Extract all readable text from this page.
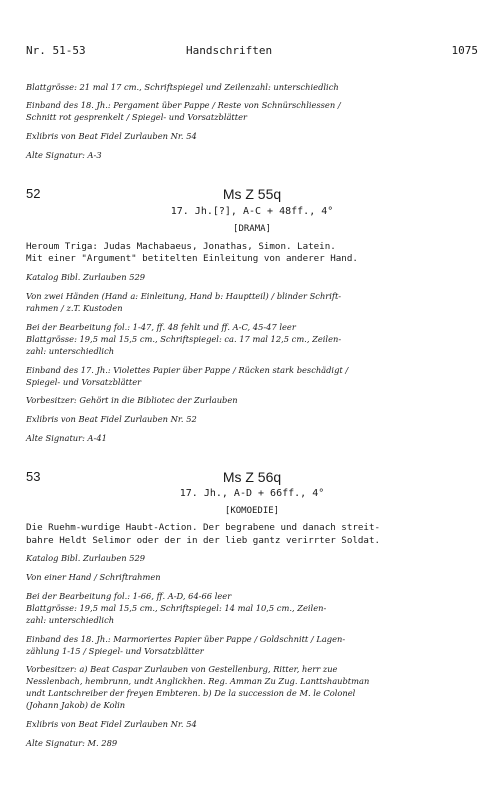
Nr. 51-53	Handschriften	1075
Blattgrösse: 21 mal 17 cm., Schriftspiegel und Zeilenzahl: unterschiedlich
Einband des 18. Jh.: Pergament über Pappe / Reste von Schnürschliessen /
Schnitt rot gesprenkelt / Spiegel- und Vorsatzblätter
Exlibris von Beat Fidel Zurlauben Nr. 54
Alte Signatur: A-3
52	Ms Z 55q
17. Jh.[?], A-C + 48ff., 4°
[DRAMA]
Heroum Triga: Judas Machabaeus, Jonathas, Simon. Latein.
Mit einer "Argument" betitelten Einleitung von anderer Hand.
Katalog Bibl. Zurlauben 529
Von zwei Händen (Hand a: Einleitung, Hand b: Hauptteil) / blinder Schrift-
rahmen / z.T. Kustoden
Bei der Bearbeitung fol.: 1-47, ff. 48 fehlt und ff. A-C, 45-47 leer
Blattgrösse: 19,5 mal 15,5 cm., Schriftspiegel: ca. 17 mal 12,5 cm., Zeilen-
zahl: unterschiedlich
Einband des 17. Jh.: Violettes Papier über Pappe / Rücken stark beschädigt /
Spiegel- und Vorsatzblätter
Vorbesitzer: Gehört in die Bibliotec der Zurlauben
Exlibris von Beat Fidel Zurlauben Nr. 52
Alte Signatur: A-41
53	Ms Z 56q
17. Jh., A-D + 66ff., 4°
[KOMOEDIE]
Die Ruehm-wurdige Haubt-Action. Der begrabene und danach streit-
bahre Heldt Selimor oder der in der lieb gantz verirrter Soldat.
Katalog Bibl. Zurlauben 529
Von einer Hand / Schriftrahmen
Bei der Bearbeitung fol.: 1-66, ff. A-D, 64-66 leer
Blattgrösse: 19,5 mal 15,5 cm., Schriftspiegel: 14 mal 10,5 cm., Zeilen-
zahl: unterschiedlich
Einband des 18. Jh.: Marmoriertes Papier über Pappe / Goldschnitt / Lagen-
zählung 1-15 / Spiegel- und Vorsatzblätter
Vorbesitzer: a) Beat Caspar Zurlauben von Gestellenburg, Ritter, herr zue
Nesslenbach, hembrunn, undt Anglickhen. Reg. Amman Zu Zug. Lanttshaubtman
undt Lantschreiber der freyen Embteren. b) De la succession de M. le Colonel
(Johann Jakob) de Kolin
Exlibris von Beat Fidel Zurlauben Nr. 54
Alte Signatur: M. 289
